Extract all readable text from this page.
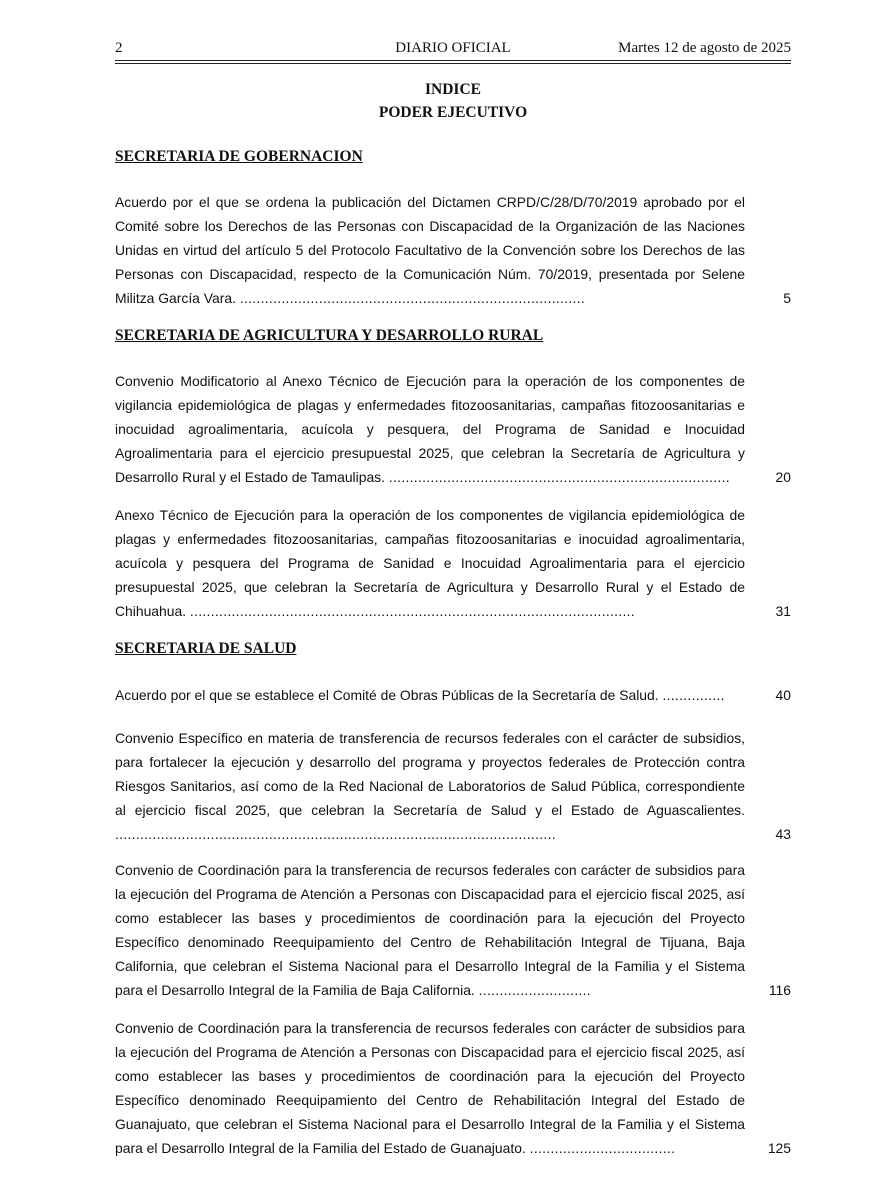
2	DIARIO OFICIAL	Martes 12 de agosto de 2025
INDICE
PODER EJECUTIVO
SECRETARIA DE GOBERNACION
Acuerdo por el que se ordena la publicación del Dictamen CRPD/C/28/D/70/2019 aprobado por el Comité sobre los Derechos de las Personas con Discapacidad de la Organización de las Naciones Unidas en virtud del artículo 5 del Protocolo Facultativo de la Convención sobre los Derechos de las Personas con Discapacidad, respecto de la Comunicación Núm. 70/2019, presentada por Selene Militza García Vara. ...................................................................................	5
SECRETARIA DE AGRICULTURA Y DESARROLLO RURAL
Convenio Modificatorio al Anexo Técnico de Ejecución para la operación de los componentes de vigilancia epidemiológica de plagas y enfermedades fitozoosanitarias, campañas fitozoosanitarias e inocuidad agroalimentaria, acuícola y pesquera, del Programa de Sanidad e Inocuidad Agroalimentaria para el ejercicio presupuestal 2025, que celebran la Secretaría de Agricultura y Desarrollo Rural y el Estado de Tamaulipas. ..................................................................................	20
Anexo Técnico de Ejecución para la operación de los componentes de vigilancia epidemiológica de plagas y enfermedades fitozoosanitarias, campañas fitozoosanitarias e inocuidad agroalimentaria, acuícola y pesquera del Programa de Sanidad e Inocuidad Agroalimentaria para el ejercicio presupuestal 2025, que celebran la Secretaría de Agricultura y Desarrollo Rural y el Estado de Chihuahua. ...........................................................................................................	31
SECRETARIA DE SALUD
Acuerdo por el que se establece el Comité de Obras Públicas de la Secretaría de Salud. ...............	40
Convenio Específico en materia de transferencia de recursos federales con el carácter de subsidios, para fortalecer la ejecución y desarrollo del programa y proyectos federales de Protección contra Riesgos Sanitarios, así como de la Red Nacional de Laboratorios de Salud Pública, correspondiente al ejercicio fiscal 2025, que celebran la Secretaría de Salud y el Estado de Aguascalientes. ..........................................................................................................	43
Convenio de Coordinación para la transferencia de recursos federales con carácter de subsidios para la ejecución del Programa de Atención a Personas con Discapacidad para el ejercicio fiscal 2025, así como establecer las bases y procedimientos de coordinación para la ejecución del Proyecto Específico denominado Reequipamiento del Centro de Rehabilitación Integral de Tijuana, Baja California, que celebran el Sistema Nacional para el Desarrollo Integral de la Familia y el Sistema para el Desarrollo Integral de la Familia de Baja California. ...........................	116
Convenio de Coordinación para la transferencia de recursos federales con carácter de subsidios para la ejecución del Programa de Atención a Personas con Discapacidad para el ejercicio fiscal 2025, así como establecer las bases y procedimientos de coordinación para la ejecución del Proyecto Específico denominado Reequipamiento del Centro de Rehabilitación Integral del Estado de Guanajuato, que celebran el Sistema Nacional para el Desarrollo Integral de la Familia y el Sistema para el Desarrollo Integral de la Familia del Estado de Guanajuato. ...................................	125
